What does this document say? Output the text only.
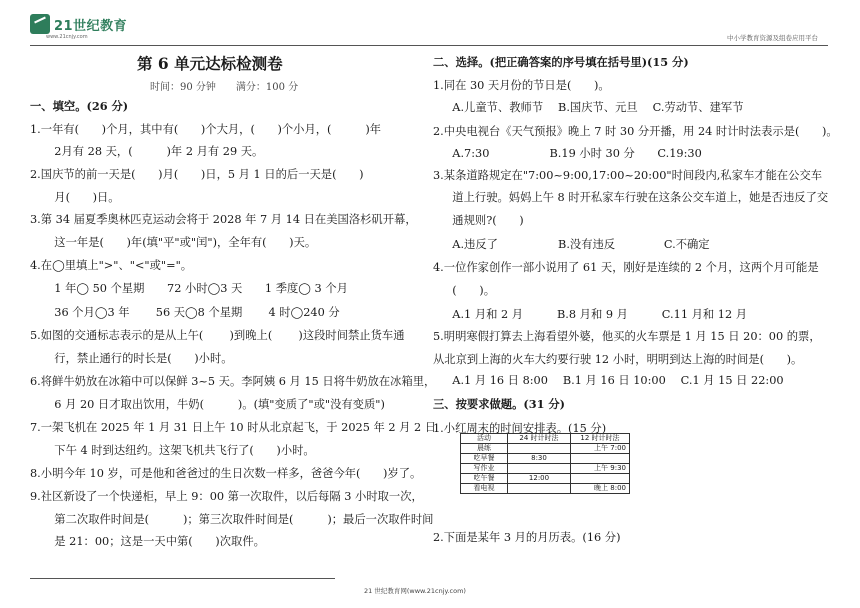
21世纪教育
www.21cnjy.com	中小学教育资源及组卷应用平台
第 6 单元达标检测卷
时间：90 分钟　　满分：100 分
一、填空。(26 分)
1.一年有(　　)个月，其中有(　　)个大月，(　　)个小月，(　　　)年
　2月有 28 天，(　　　)年 2 月有 29 天。
2.国庆节的前一天是(　　)月(　　)日，5 月 1 日的后一天是(　　)
　月(　　)日。
3.第 34 届夏季奥林匹克运动会将于 2028 年 7 月 14 日在美国洛杉矶开幕，
　这一年是(　　)年(填"平"或"闰")，全年有(　　)天。
4.在◯里填上">"、"<"或"="。
　1 年◯ 50 个星期　　72 小时◯3 天　　1 季度◯ 3 个月
　36 个月◯3 年　　 56 天◯8 个星期　　 4 时◯240 分
5.如图的交通标志表示的是从上午(　　 )到晚上(　　 )这段时间禁止货车通
　行，禁止通行的时长是(　　)小时。
6.将鲜牛奶放在冰箱中可以保鲜 3~5 天。李阿姨 6 月 15 日将牛奶放在冰箱里，
　6 月 20 日才取出饮用，牛奶(　　　)。(填"变质了"或"没有变质")
7.一架飞机在 2025 年 1 月 31 日上午 10 时从北京起飞，于 2025 年 2 月 2 日
　下午 4 时到达纽约。这架飞机共飞行了(　　)小时。
8.小明今年 10 岁，可是他和爸爸过的生日次数一样多，爸爸今年(　　)岁了。
9.社区新设了一个快递柜，早上 9：00 第一次取件，以后每隔 3 小时取一次，
　第二次取件时间是(　　　)；第三次取件时间是(　　　)；最后一次取件时间
　是 21：00；这是一天中第(　　)次取件。
二、选择。(把正确答案的序号填在括号里)(15 分)
1.同在 30 天月份的节日是(　　)。
　A.儿童节、教师节　 B.国庆节、元旦　 C.劳动节、建军节
2.中央电视台《天气预报》晚上 7 时 30 分开播，用 24 时计时法表示是(　　)。
　A.7:30　　　　　 B.19 小时 30 分　　C.19:30
3.某条道路规定在"7:00~9:00,17:00~20:00"时间段内,私家车才能在公交车
　道上行驶。妈妈上午 8 时开私家车行驶在这条公交车道上，她是否违反了交
　通规则?(　　)
　A.违反了　　　　　 B.没有违反　　　　 C.不确定
4.一位作家创作一部小说用了 61 天，刚好是连续的 2 个月，这两个月可能是
　(　　)。
　A.1 月和 2 月　　　B.8 月和 9 月　　　C.11 月和 12 月
5.明明寒假打算去上海看望外婆，他买的火车票是 1 月 15 日 20：00 的票，
从北京到上海的火车大约要行驶 12 小时，明明到达上海的时间是(　　)。
　A.1 月 16 日 8:00　 B.1 月 16 日 10:00　 C.1 月 15 日 22:00
三、按要求做题。(31 分)
1.小红周末的时间安排表。(15 分)
2.下面是某年 3 月的月历表。(16 分)
活动	24 时计时法	12 时计时法
晨练		上午 7:00
吃早餐	8:30	
写作业		上午 9:30
吃午餐	12:00	
看电视		晚上 8:00
21 世纪教育网(www.21cnjy.com)
